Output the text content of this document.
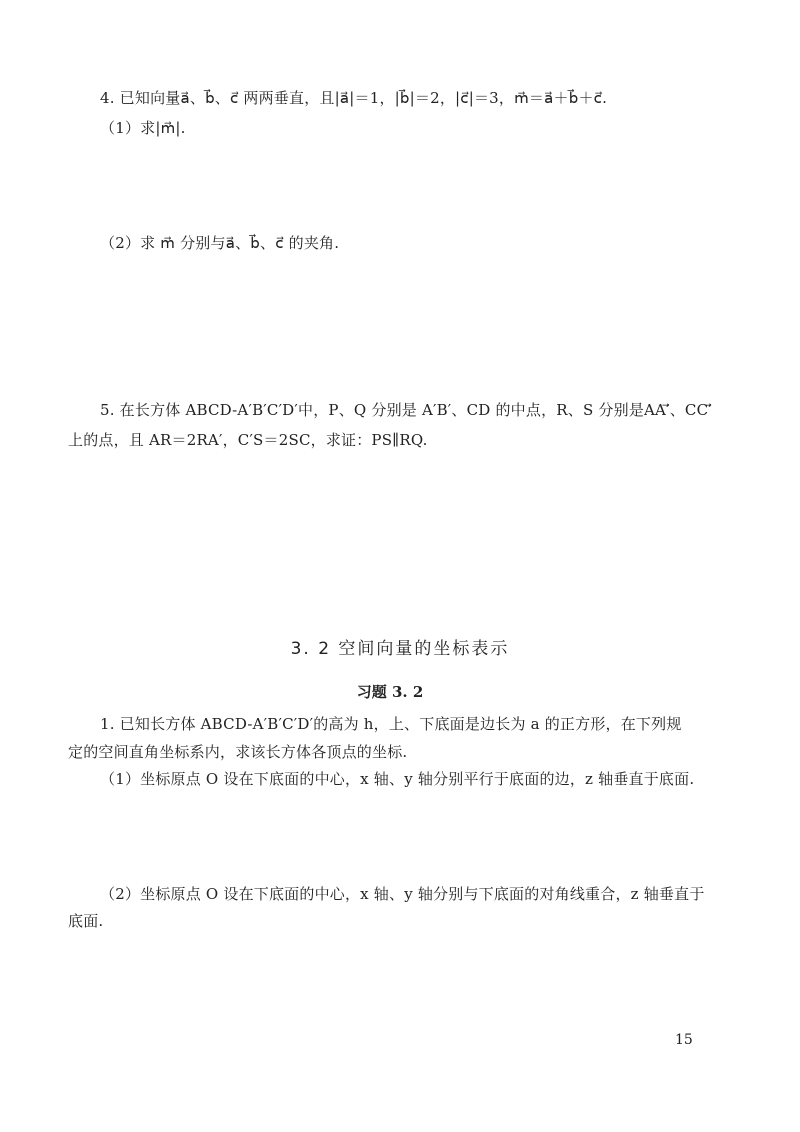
4. 已知向量a⃗、b⃗、c⃗ 两两垂直，且|a⃗|＝1，|b⃗|＝2，|c⃗|＝3，m⃗＝a⃗＋b⃗＋c⃗.
（1）求|m⃗|.
（2）求 m⃗ 分别与a⃗、b⃗、c⃗ 的夹角.
5. 在长方体 ABCD-A′B′C′D′中，P、Q 分别是 A′B′、CD 的中点，R、S 分别是AA′⃗、CC′⃗
上的点，且 AR＝2RA′，C′S＝2SC，求证：PS∥RQ.
3. 2 空间向量的坐标表示
习题 3. 2
1. 已知长方体 ABCD-A′B′C′D′的高为 h，上、下底面是边长为 a 的正方形，在下列规
定的空间直角坐标系内，求该长方体各顶点的坐标.
（1）坐标原点 O 设在下底面的中心，x 轴、y 轴分别平行于底面的边，z 轴垂直于底面.
（2）坐标原点 O 设在下底面的中心，x 轴、y 轴分别与下底面的对角线重合，z 轴垂直于
底面.
15
